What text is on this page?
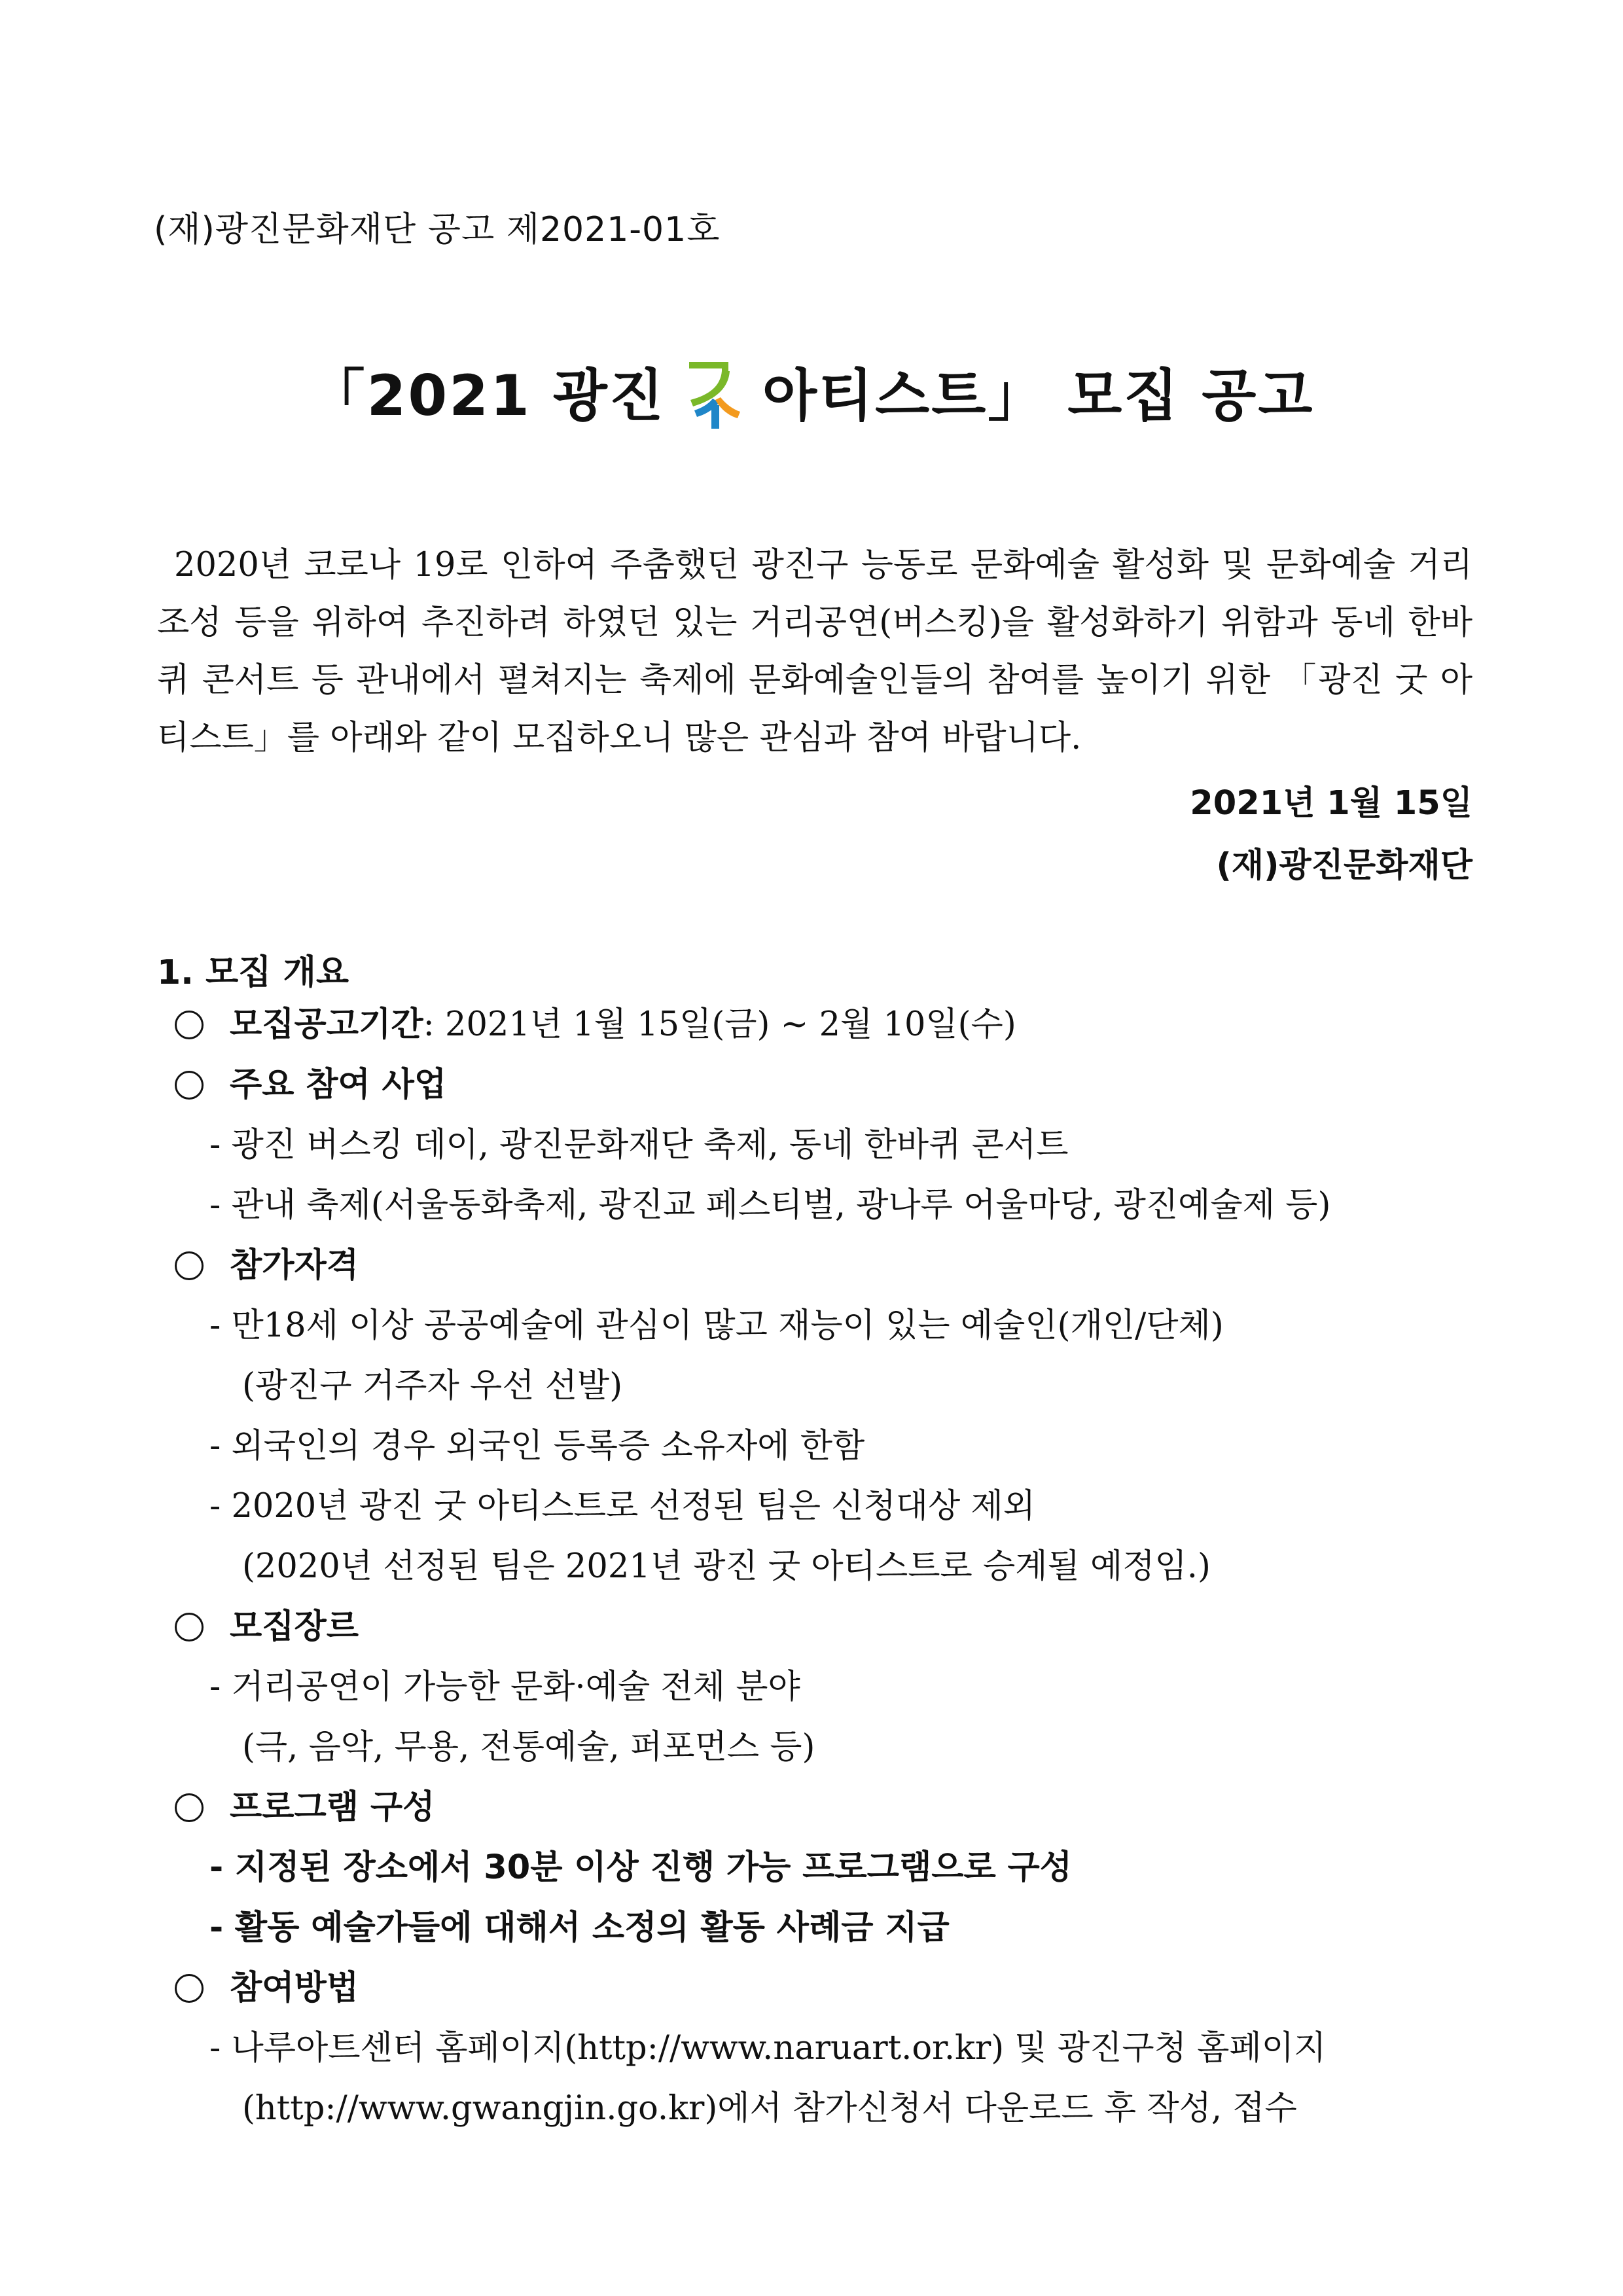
(재)광진문화재단 공고 제2021-01호

「2021 광진 아티스트」 모집 공고

2020년 코로나 19로 인하여 주춤했던 광진구 능동로 문화예술 활성화 및 문화예술 거리 조성 등을 위하여 추진하려 하였던 있는 거리공연(버스킹)을 활성화하기 위함과 동네 한바퀴 콘서트 등 관내에서 펼쳐지는 축제에 문화예술인들의 참여를 높이기 위한 「광진 굿 아티스트」를 아래와 같이 모집하오니 많은 관심과 참여 바랍니다.

2021년 1월 15일

(재)광진문화재단

1. 모집 개요
모집공고기간 : 2021년 1월 15일(금) ~ 2월 10일(수)
주요 참여 사업
- 광진 버스킹 데이, 광진문화재단 축제, 동네 한바퀴 콘서트
- 관내 축제(서울동화축제, 광진교 페스티벌, 광나루 어울마당, 광진예술제 등)
참가자격
- 만18세 이상 공공예술에 관심이 많고 재능이 있는 예술인(개인/단체)
(광진구 거주자 우선 선발)
- 외국인의 경우 외국인 등록증 소유자에 한함
- 2020년 광진 굿 아티스트로 선정된 팀은 신청대상 제외
(2020년 선정된 팀은 2021년 광진 굿 아티스트로 승계될 예정임.)
모집장르
- 거리공연이 가능한 문화·예술 전체 분야
(극, 음악, 무용, 전통예술, 퍼포먼스 등)
프로그램 구성
- 지정된 장소에서 30분 이상 진행 가능 프로그램으로 구성
- 활동 예술가들에 대해서 소정의 활동 사례금 지급
참여방법
- 나루아트센터 홈페이지(http://www.naruart.or.kr) 및 광진구청 홈페이지
(http://www.gwangjin.go.kr)에서 참가신청서 다운로드 후 작성, 접수
